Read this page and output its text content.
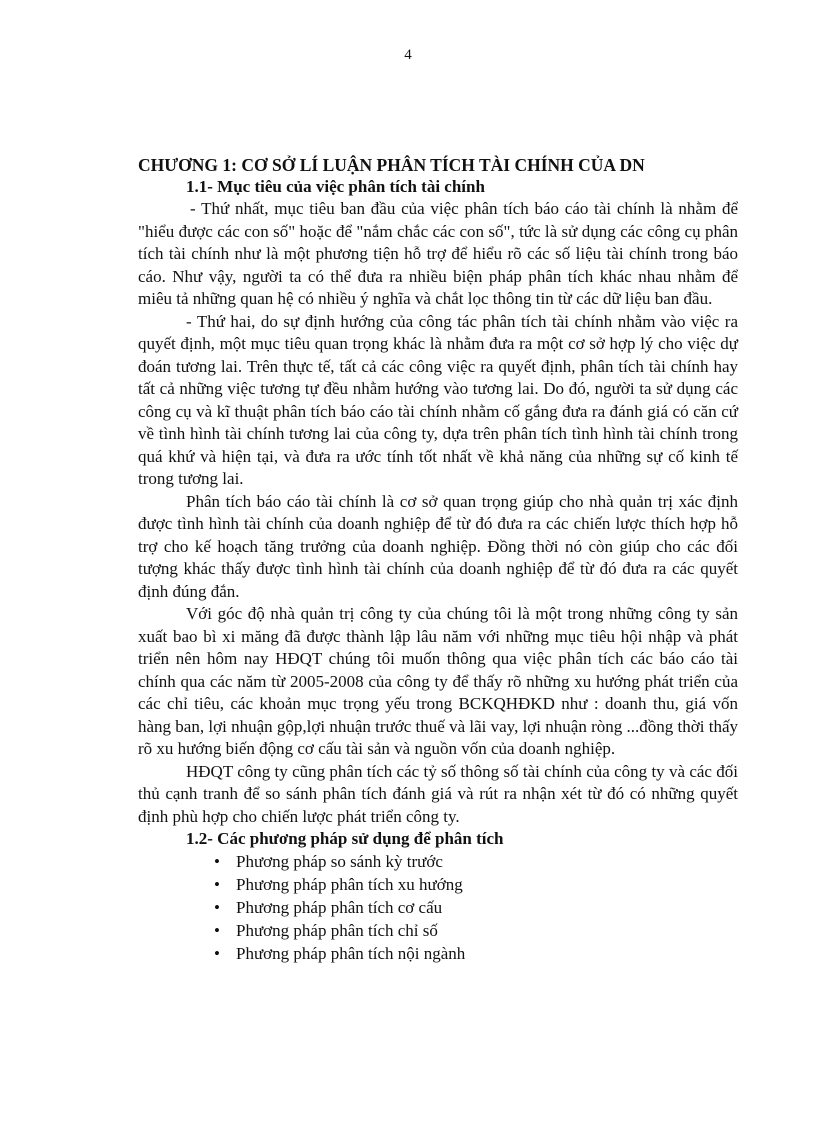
4
CHƯƠNG 1: CƠ SỞ LÍ LUẬN PHÂN TÍCH TÀI CHÍNH CỦA DN
1.1- Mục tiêu của việc phân tích tài chính

- Thứ nhất, mục tiêu ban đầu của việc phân tích báo cáo tài chính là nhằm để "hiểu được các con số" hoặc để "nắm chắc các con số", tức là sử dụng các công cụ phân tích tài chính như là một phương tiện hỗ trợ để hiểu rõ các số liệu tài chính trong báo cáo. Như vậy, người ta có thể đưa ra nhiều biện pháp phân tích khác nhau nhằm để miêu tả những quan hệ có nhiều ý nghĩa và chắt lọc thông tin từ các dữ liệu ban đầu.

- Thứ hai, do sự định hướng của công tác phân tích tài chính nhằm vào việc ra quyết định, một mục tiêu quan trọng khác là nhằm đưa ra một cơ sở hợp lý cho việc dự đoán tương lai. Trên thực tế, tất cả các công việc ra quyết định, phân tích tài chính hay tất cả những việc tương tự đều nhằm hướng vào tương lai. Do đó, người ta sử dụng các công cụ và kĩ thuật phân tích báo cáo tài chính nhằm cố gắng đưa ra đánh giá có căn cứ về tình hình tài chính tương lai của công ty, dựa trên phân tích tình hình tài chính trong quá khứ và hiện tại, và đưa ra ước tính tốt nhất về khả năng của những sự cố kinh tế trong tương lai.

Phân tích báo cáo tài chính là cơ sở quan trọng giúp cho nhà quản trị xác định được tình hình tài chính của doanh nghiệp để từ đó đưa ra các chiến lược thích hợp hỗ trợ cho kế hoạch tăng trưởng của doanh nghiệp. Đồng thời nó còn giúp cho các đối tượng khác thấy được tình hình tài chính của doanh nghiệp để từ đó đưa ra các quyết định đúng đắn.

Với góc độ nhà quản trị công ty của chúng tôi là một trong những công ty sản xuất bao bì xi măng đã được thành lập lâu năm với những mục tiêu hội nhập và phát triển nên hôm nay HĐQT chúng tôi muốn thông qua việc phân tích các báo cáo tài chính qua các năm từ 2005-2008 của công ty để thấy rõ những xu hướng phát triển của các chỉ tiêu, các khoản mục trọng yếu trong BCKQHĐKD như : doanh thu, giá vốn hàng ban, lợi nhuận gộp,lợi nhuận trước thuế và lãi vay, lợi nhuận ròng ...đồng thời thấy rõ xu hướng biến động cơ cấu tài sản và nguồn vốn của doanh nghiệp.

HĐQT công ty cũng phân tích các tỷ số thông số tài chính của công ty và các đối thủ cạnh tranh để so sánh phân tích đánh giá và rút ra nhận xét từ đó có những quyết định phù hợp cho chiến lược phát triển công ty.

1.2- Các phương pháp sử dụng để phân tích
• Phương pháp so sánh kỳ trước
• Phương pháp phân tích xu hướng
• Phương pháp phân tích cơ cấu
• Phương pháp phân tích chỉ số
• Phương pháp phân tích nội ngành
